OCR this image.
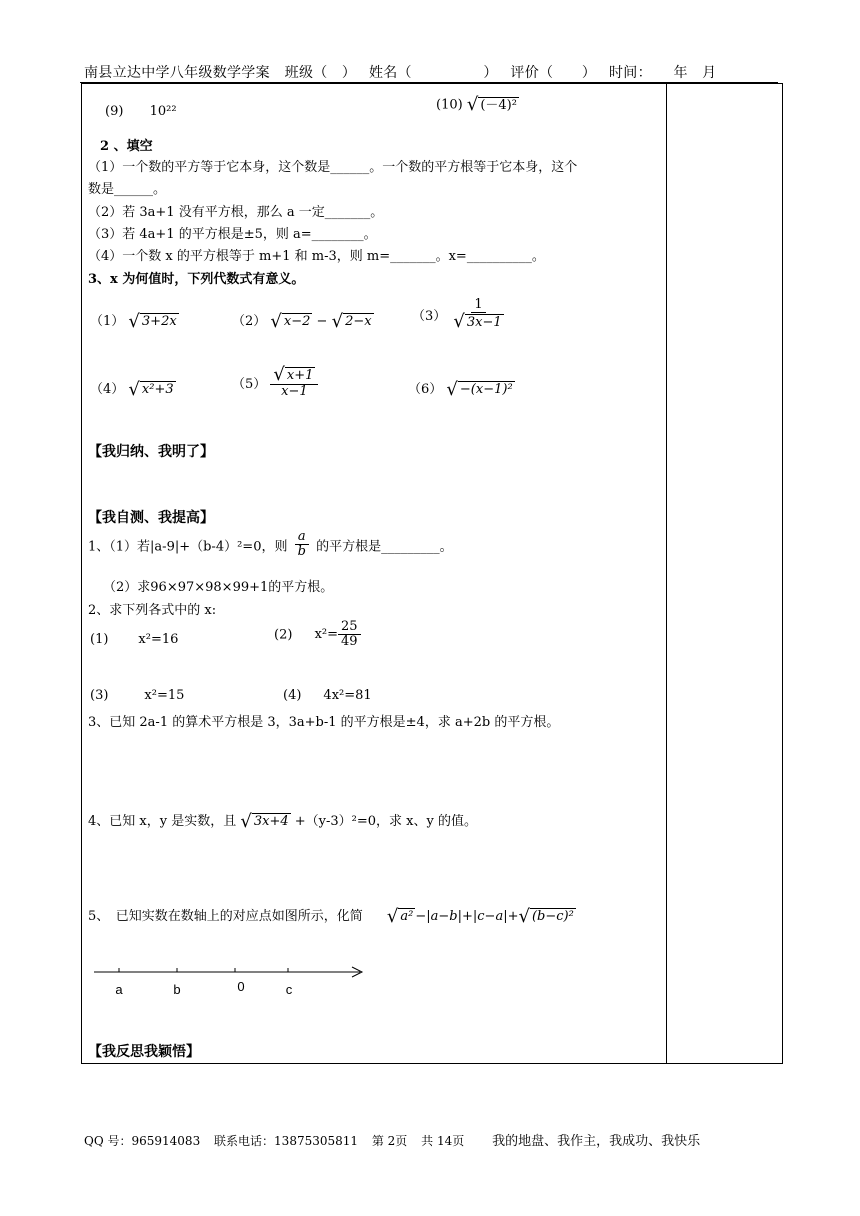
南县立达中学八年级数学学案 班级（　） 姓名（　　　　　） 评价（　　） 时间：　　年　月
(9) 10²²	(10) √ (－4)²
2 、填空
（1）一个数的平方等于它本身，这个数是______。一个数的平方根等于它本身，这个
数是______。
（2）若 3a+1 没有平方根，那么 a 一定_______。
（3）若 4a+1 的平方根是±5，则 a=________。
（4）一个数 x 的平方根等于 m+1 和 m-3，则 m=_______。x=__________。
3、x 为何值时，下列代数式有意义。
（1） √ 3+2x	（2） √ x−2 − √ 2−x	$(3) \frac{1}{√ 3x-1}$
（4） √ x²+3	$(5) \frac{√ x+1}{x-1}$	（6） √ −(x−1)²
【我归纳、我明了】
【我自测、我提高】
1、（1）若|a-9|+（b-4）²=0，则 $\frac{a}{b}$ 的平方根是_________。
（2）求96×97×98×99+1的平方根。
2、求下列各式中的 x:
(1) x²=16	(2) $x^2= \frac{25}{49}$
(3)	x²=15	(4) 4x²=81
3、已知 2a-1 的算术平方根是 3，3a+b-1 的平方根是±4，求 a+2b 的平方根。
4、已知 x，y 是实数，且 √ 3x+4 +（y-3）²=0，求 x、y 的值。
5、　已知实数在数轴上的对应点如图所示，化简 √ a² −|a−b|+|c−a|+ √ (b−c)²
a	b	0	c
【我反思我颖悟】
QQ 号：965914083 联系电话：13875305811 第 2页 共 14页 我的地盘、我作主，我成功、我快乐
